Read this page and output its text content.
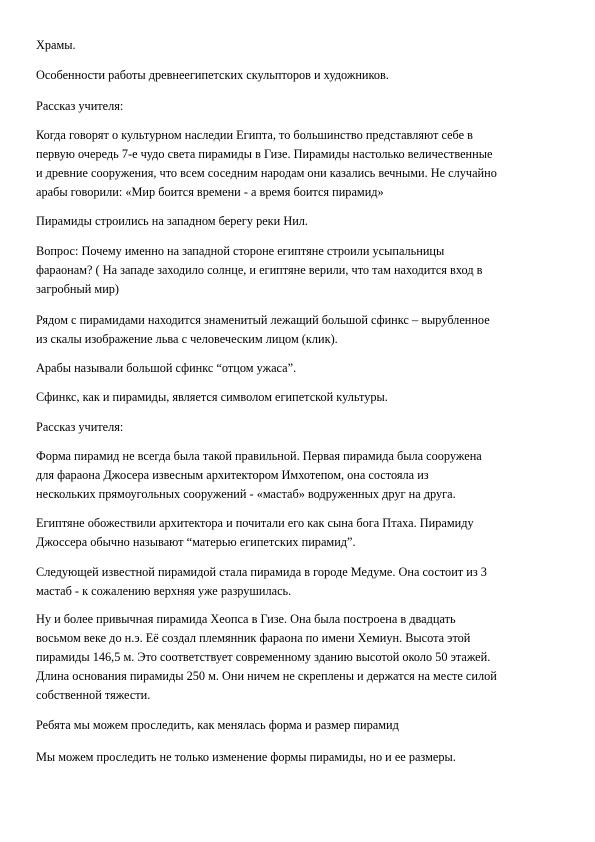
Храмы.

Особенности работы древнеегипетских скульпторов и художников.

Рассказ учителя:

Когда говорят о культурном наследии Египта, то большинство представляют себе в
первую очередь 7-е чудо света пирамиды в Гизе. Пирамиды настолько величественные
и древние сооружения, что всем соседним народам они казались вечными. Не случайно
арабы говорили: «Мир боится времени - а время боится пирамид»

Пирамиды строились на западном берегу реки Нил.

Вопрос: Почему именно на западной стороне египтяне строили усыпальницы
фараонам? ( На западе заходило солнце, и египтяне верили, что там находится вход в
загробный мир)

Рядом с пирамидами находится знаменитый лежащий большой сфинкс – вырубленное
из скалы изображение льва с человеческим лицом (клик).

Арабы называли большой сфинкс “отцом ужаса”.

Сфинкс, как и пирамиды, является символом египетской культуры.

Рассказ учителя:

Форма пирамид не всегда была такой правильной. Первая пирамида была сооружена
для фараона Джосера извесным архитектором Имхотепом, она состояла из
нескольких прямоугольных сооружений - «мастаб» водруженных друг на друга.

Египтяне обожествили архитектора и почитали его как сына бога Птаха. Пирамиду
Джоссера обычно называют “матерью египетских пирамид”.

Следующей известной пирамидой стала пирамида в городе Медуме. Она состоит из 3
мастаб - к сожалению верхняя уже разрушилась.

Ну и более привычная пирамида Хеопса в Гизе. Она была построена в двадцать
восьмом веке до н.э. Её создал племянник фараона по имени Хемиун. Высота этой
пирамиды 146,5 м. Это соответствует современному зданию высотой около 50 этажей.
Длина основания пирамиды 250 м. Они ничем не скреплены и держатся на месте силой
собственной тяжести.

Ребята мы можем проследить, как менялась форма и размер пирамид

Мы можем проследить не только изменение формы пирамиды, но и ее размеры.
